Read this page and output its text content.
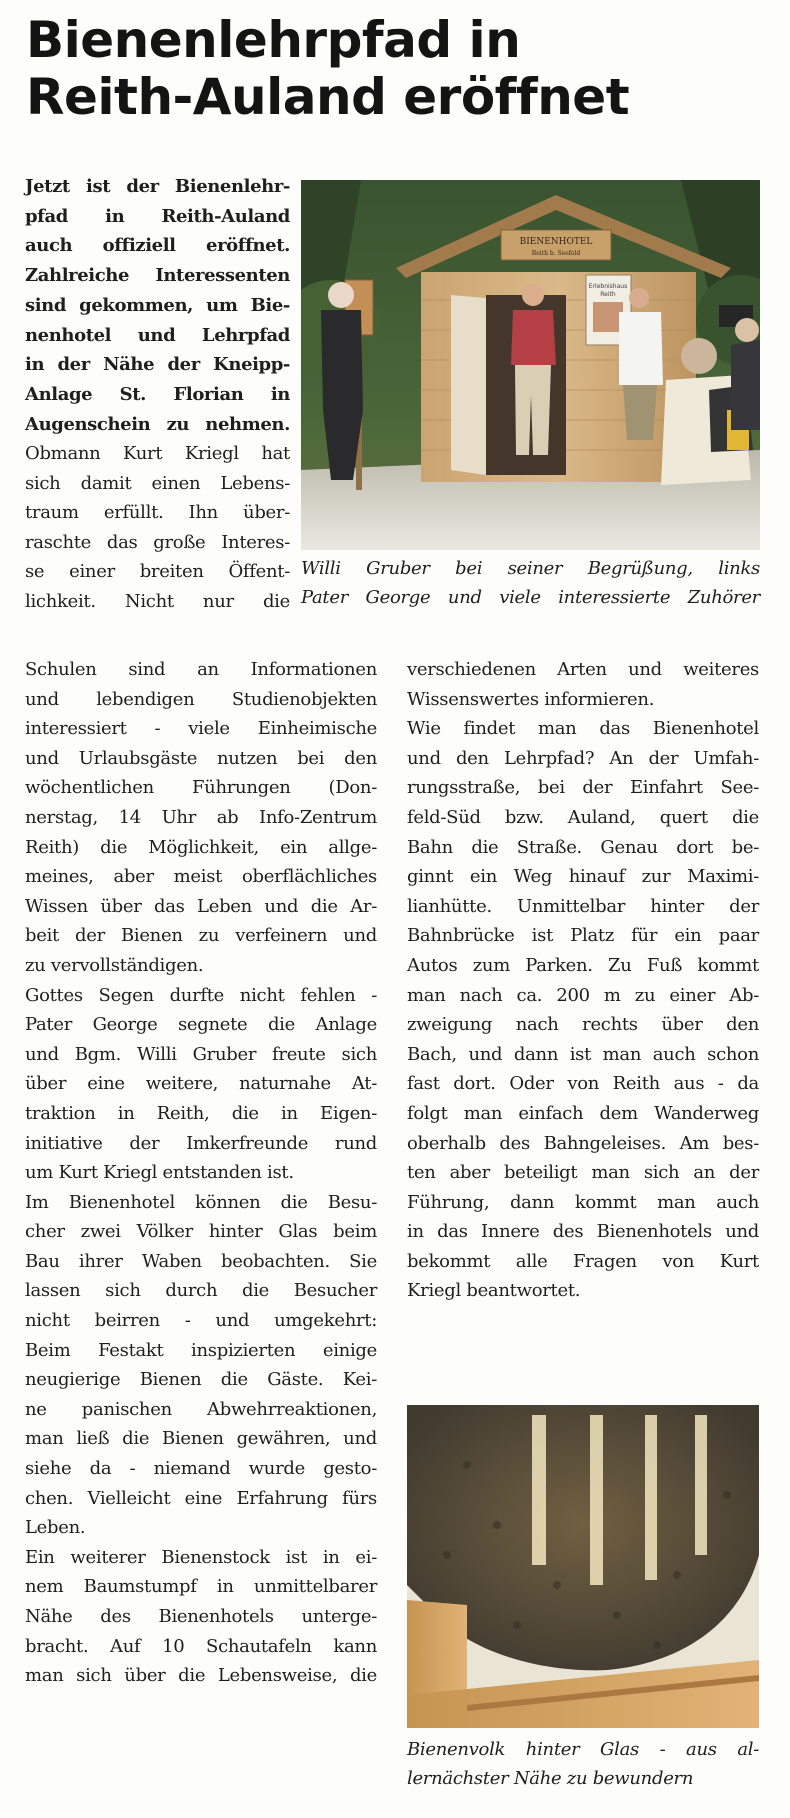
Bienenlehrpfad in
Reith-Auland eröffnet
Jetzt ist der Bienenlehr-
pfad in Reith-Auland
auch offiziell eröffnet.
Zahlreiche Interessenten
sind gekommen, um Bie-
nenhotel und Lehrpfad
in der Nähe der Kneipp-
Anlage St. Florian in
Augenschein zu nehmen.
Obmann Kurt Kriegl hat
sich damit einen Lebens-
traum erfüllt. Ihn über-
raschte das große Interes-
se einer breiten Öffent-
lichkeit. Nicht nur die
Schulen sind an Informationen
und lebendigen Studienobjekten
interessiert - viele Einheimische
und Urlaubsgäste nutzen bei den
wöchentlichen Führungen (Don-
nerstag, 14 Uhr ab Info-Zentrum
Reith) die Möglichkeit, ein allge-
meines, aber meist oberflächliches
Wissen über das Leben und die Ar-
beit der Bienen zu verfeinern und
zu vervollständigen.
Gottes Segen durfte nicht fehlen -
Pater George segnete die Anlage
und Bgm. Willi Gruber freute sich
über eine weitere, naturnahe At-
traktion in Reith, die in Eigen-
initiative der Imkerfreunde rund
um Kurt Kriegl entstanden ist.
Im Bienenhotel können die Besu-
cher zwei Völker hinter Glas beim
Bau ihrer Waben beobachten. Sie
lassen sich durch die Besucher
nicht beirren - und umgekehrt:
Beim Festakt inspizierten einige
neugierige Bienen die Gäste. Kei-
ne panischen Abwehrreaktionen,
man ließ die Bienen gewähren, und
siehe da - niemand wurde gesto-
chen. Vielleicht eine Erfahrung fürs
Leben.
Ein weiterer Bienenstock ist in ei-
nem Baumstumpf in unmittelbarer
Nähe des Bienenhotels unterge-
bracht. Auf 10 Schautafeln kann
man sich über die Lebensweise, die
verschiedenen Arten und weiteres
Wissenswertes informieren.
Wie findet man das Bienenhotel
und den Lehrpfad? An der Umfah-
rungsstraße, bei der Einfahrt See-
feld-Süd bzw. Auland, quert die
Bahn die Straße. Genau dort be-
ginnt ein Weg hinauf zur Maximi-
lianhütte. Unmittelbar hinter der
Bahnbrücke ist Platz für ein paar
Autos zum Parken. Zu Fuß kommt
man nach ca. 200 m zu einer Ab-
zweigung nach rechts über den
Bach, und dann ist man auch schon
fast dort. Oder von Reith aus - da
folgt man einfach dem Wanderweg
oberhalb des Bahngeleises. Am bes-
ten aber beteiligt man sich an der
Führung, dann kommt man auch
in das Innere des Bienenhotels und
bekommt alle Fragen von Kurt
Kriegl beantwortet.
BIENENHOTEL
Reith b. Seefeld
Erlebnishaus
Reith
Willi Gruber bei seiner Begrüßung, links
Pater George und viele interessierte Zuhörer
Bienenvolk hinter Glas - aus al-
lernächster Nähe zu bewundern
